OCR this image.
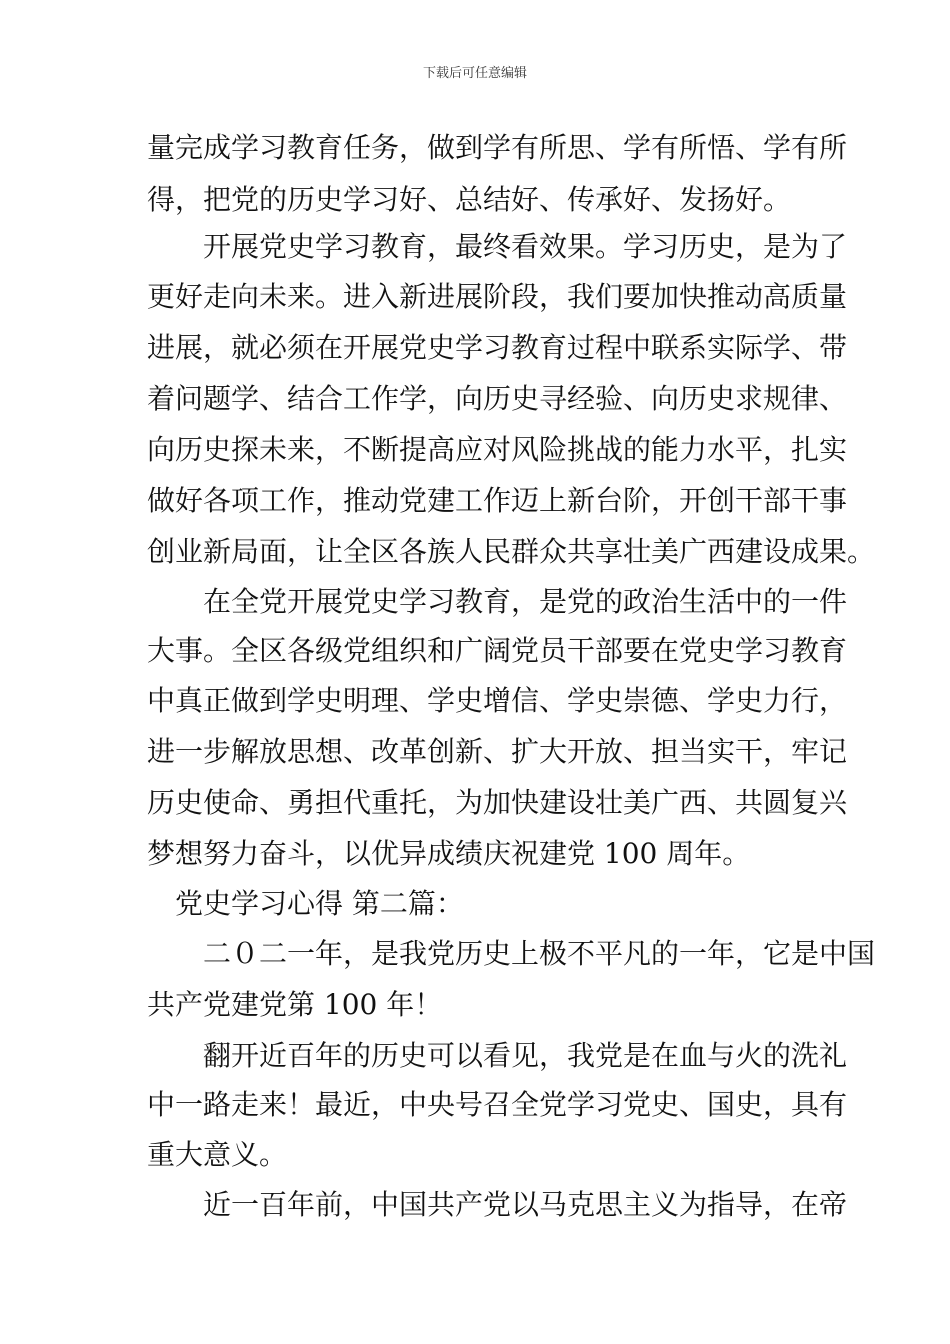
下载后可任意编辑
量完成学习教育任务，做到学有所思、学有所悟、学有所
得，把党的历史学习好、总结好、传承好、发扬好。
开展党史学习教育，最终看效果。学习历史，是为了
更好走向未来。进入新进展阶段，我们要加快推动高质量
进展，就必须在开展党史学习教育过程中联系实际学、带
着问题学、结合工作学，向历史寻经验、向历史求规律、
向历史探未来，不断提高应对风险挑战的能力水平，扎实
做好各项工作，推动党建工作迈上新台阶，开创干部干事
创业新局面，让全区各族人民群众共享壮美广西建设成果。
在全党开展党史学习教育，是党的政治生活中的一件
大事。全区各级党组织和广阔党员干部要在党史学习教育
中真正做到学史明理、学史增信、学史崇德、学史力行，
进一步解放思想、改革创新、扩大开放、担当实干，牢记
历史使命、勇担代重托，为加快建设壮美广西、共圆复兴
梦想努力奋斗，以优异成绩庆祝建党 100 周年。
党史学习心得 第二篇：
二０二一年，是我党历史上极不平凡的一年，它是中国
共产党建党第 100 年！
翻开近百年的历史可以看见，我党是在血与火的洗礼
中一路走来！最近，中央号召全党学习党史、国史，具有
重大意义。
近一百年前，中国共产党以马克思主义为指导，在帝
